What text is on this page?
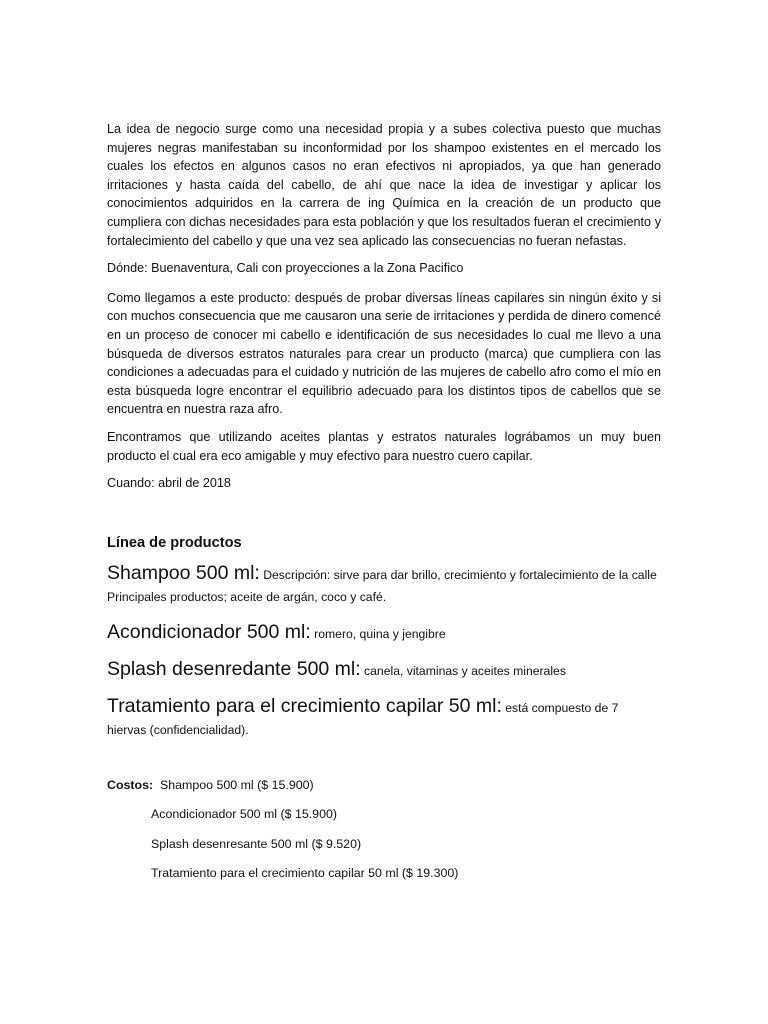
La idea de negocio surge como una necesidad propia y a subes colectiva puesto que muchas mujeres negras manifestaban su inconformidad por los shampoo existentes en el mercado los cuales los efectos en algunos casos no eran efectivos ni apropiados, ya que han generado irritaciones y hasta caída del cabello, de ahí que nace la idea de investigar y aplicar los conocimientos adquiridos en la carrera de ing Química en la creación de un producto que cumpliera con dichas necesidades para esta población y que los resultados fueran el crecimiento y fortalecimiento del cabello y que una vez sea aplicado las consecuencias no fueran nefastas.

Dónde: Buenaventura, Cali con proyecciones a la Zona Pacifico

Como llegamos a este producto: después de probar diversas líneas capilares sin ningún éxito y si con muchos consecuencia que me causaron una serie de irritaciones y perdida de dinero comencé en un proceso de conocer mi cabello e identificación de sus necesidades lo cual me llevo a una búsqueda de diversos estratos naturales para crear un producto (marca) que cumpliera con las condiciones a adecuadas para el cuidado y nutrición de las mujeres de cabello afro como el mío en esta búsqueda logre encontrar el equilibrio adecuado para los distintos tipos de cabellos que se encuentra en nuestra raza afro.

Encontramos que utilizando aceites plantas y estratos naturales lográbamos un muy buen producto el cual era eco amigable y muy efectivo para nuestro cuero capilar.

Cuando: abril de 2018

Línea de productos
Shampoo 500 ml: Descripción: sirve para dar brillo, crecimiento y fortalecimiento de la calle Principales productos; aceite de argán, coco y café.
Acondicionador 500 ml: romero, quina y jengibre
Splash desenredante 500 ml: canela, vitaminas y aceites minerales
Tratamiento para el crecimiento capilar 50 ml: está compuesto de 7 hiervas (confidencialidad).
Costos: Shampoo 500 ml ($ 15.900)
Acondicionador 500 ml ($ 15.900)
Splash desenresante 500 ml ($ 9.520)
Tratamiento para el crecimiento capilar 50 ml ($ 19.300)
